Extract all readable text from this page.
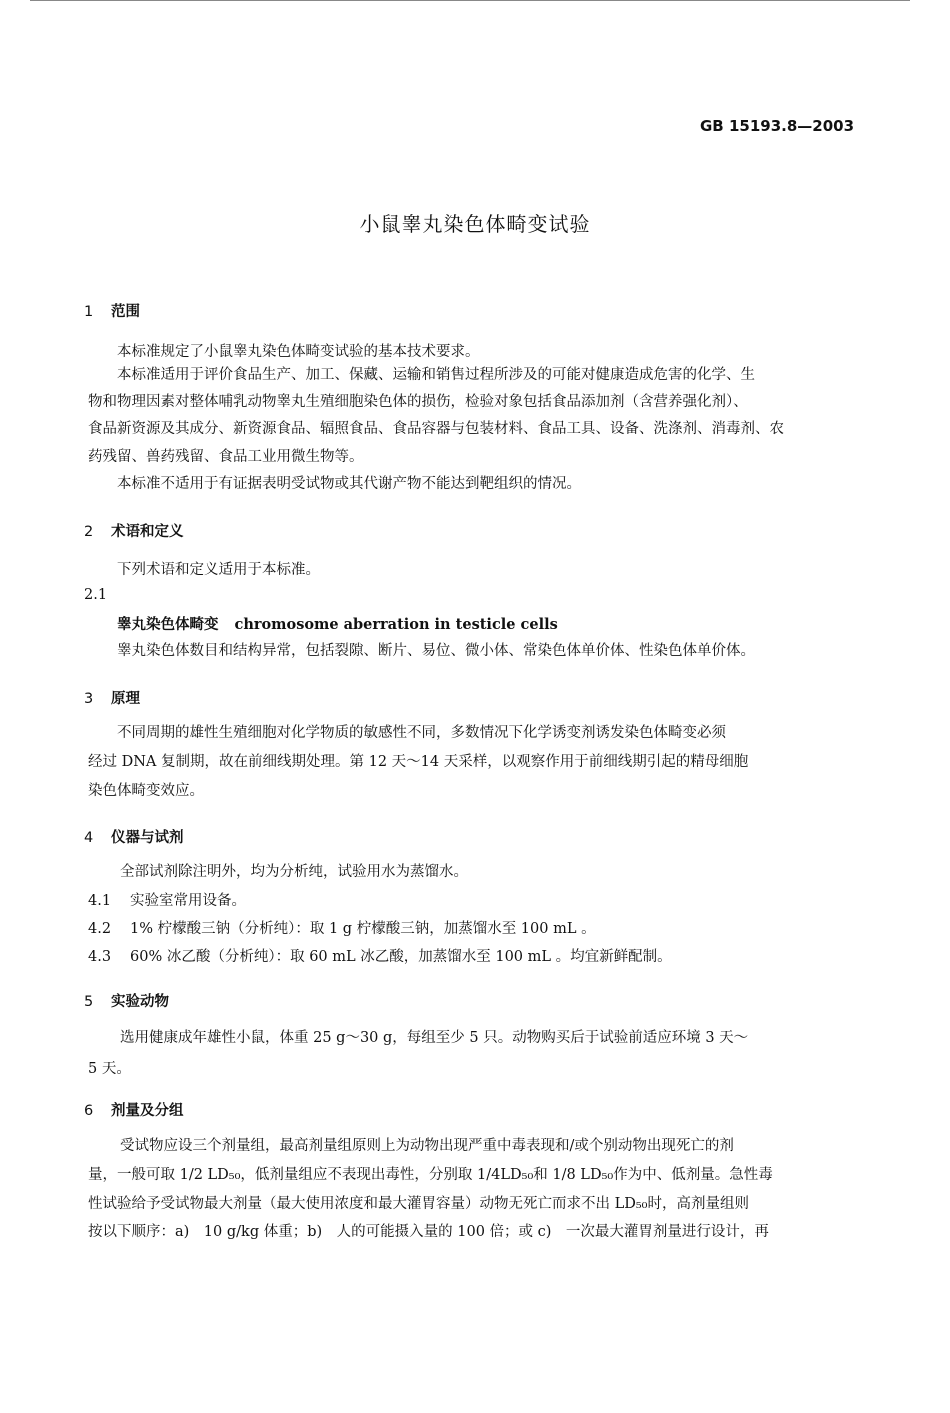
GB 15193.8—2003
小鼠睾丸染色体畸变试验
1 范围
本标准规定了小鼠睾丸染色体畸变试验的基本技术要求。
本标准适用于评价食品生产、加工、保藏、运输和销售过程所涉及的可能对健康造成危害的化学、生
物和物理因素对整体哺乳动物睾丸生殖细胞染色体的损伤，检验对象包括食品添加剂（含营养强化剂）、
食品新资源及其成分、新资源食品、辐照食品、食品容器与包装材料、食品工具、设备、洗涤剂、消毒剂、农
药残留、兽药残留、食品工业用微生物等。
本标准不适用于有证据表明受试物或其代谢产物不能达到靶组织的情况。
2 术语和定义
下列术语和定义适用于本标准。
2.1
睾丸染色体畸变 chromosome aberration in testicle cells
睾丸染色体数目和结构异常，包括裂隙、断片、易位、微小体、常染色体单价体、性染色体单价体。
3 原理
不同周期的雄性生殖细胞对化学物质的敏感性不同，多数情况下化学诱变剂诱发染色体畸变必须
经过 DNA 复制期，故在前细线期处理。第 12 天～14 天采样，以观察作用于前细线期引起的精母细胞
染色体畸变效应。
4 仪器与试剂
全部试剂除注明外，均为分析纯，试验用水为蒸馏水。
4.1 实验室常用设备。
4.2 1% 柠檬酸三钠（分析纯）：取 1 g 柠檬酸三钠，加蒸馏水至 100 mL 。
4.3 60% 冰乙酸（分析纯）：取 60 mL 冰乙酸，加蒸馏水至 100 mL 。均宜新鲜配制。
5 实验动物
选用健康成年雄性小鼠，体重 25 g～30 g，每组至少 5 只。动物购买后于试验前适应环境 3 天～
5 天。
6 剂量及分组
受试物应设三个剂量组，最高剂量组原则上为动物出现严重中毒表现和/或个别动物出现死亡的剂
量，一般可取 1/2 LD₅₀，低剂量组应不表现出毒性，分别取 1/4LD₅₀和 1/8 LD₅₀作为中、低剂量。急性毒
性试验给予受试物最大剂量（最大使用浓度和最大灌胃容量）动物无死亡而求不出 LD₅₀时，高剂量组则
按以下顺序：a)　10 g/kg 体重；b)　人的可能摄入量的 100 倍；或 c)　一次最大灌胃剂量进行设计，再
